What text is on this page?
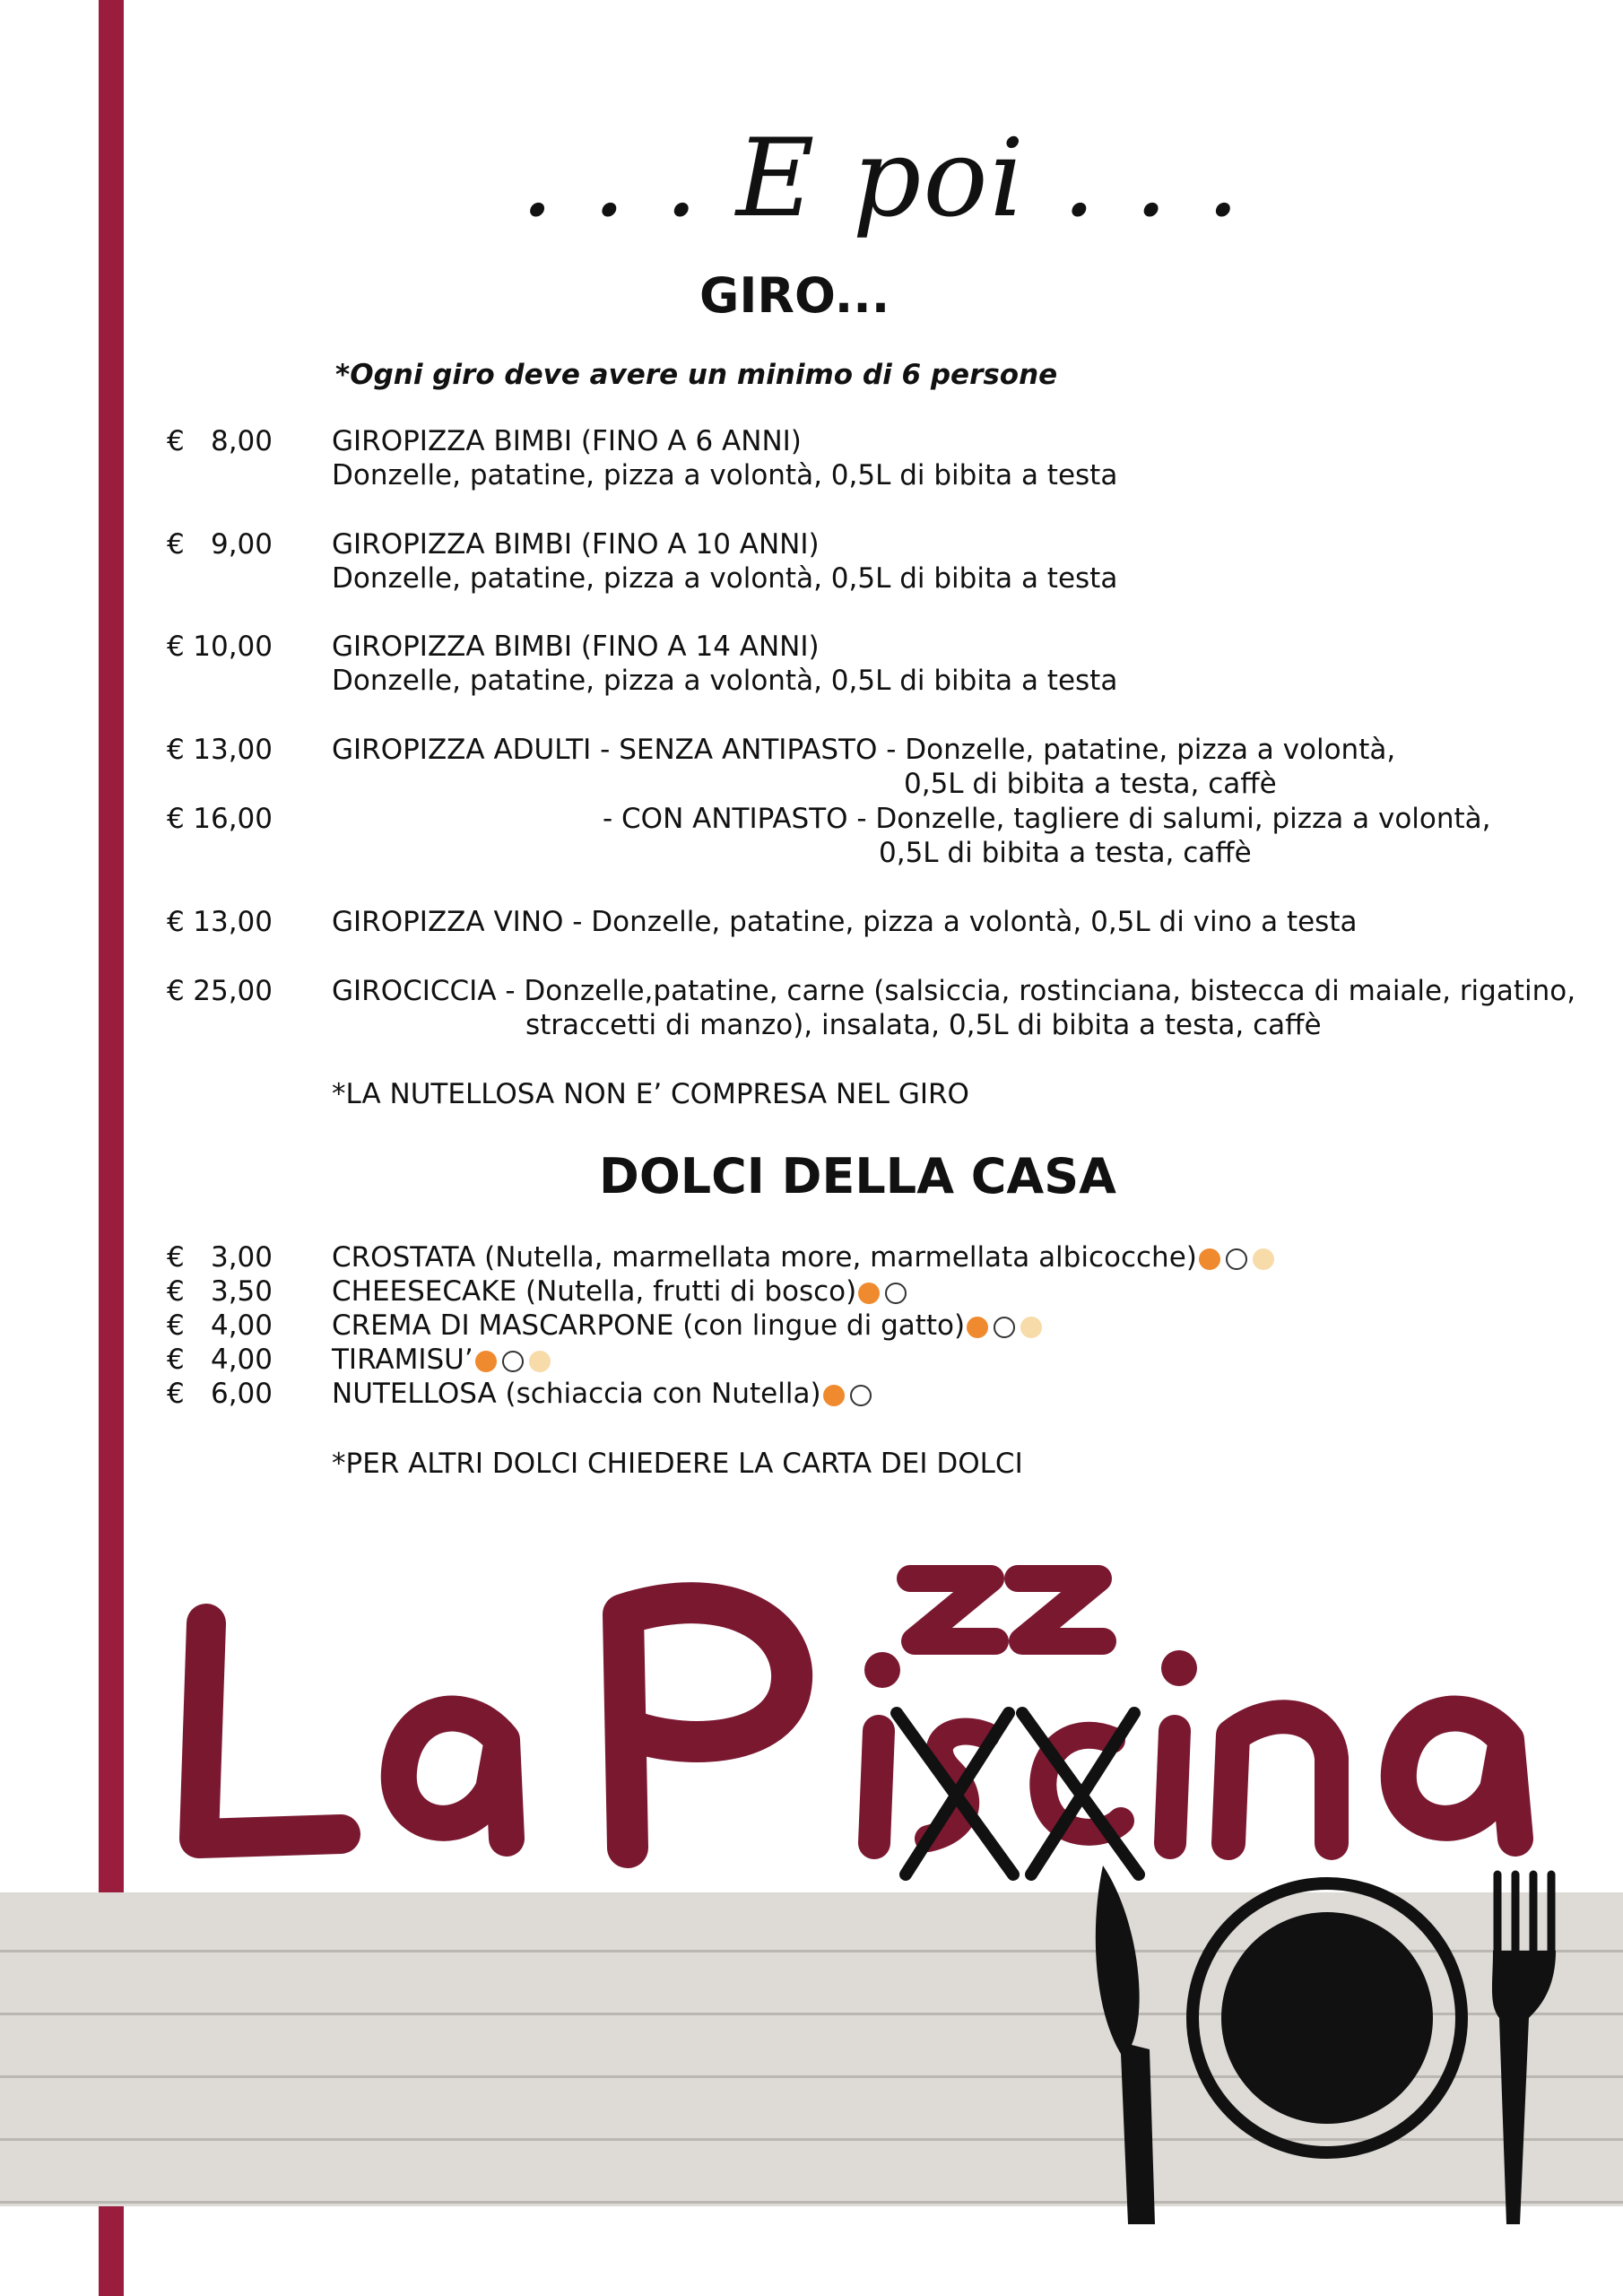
. . . E poi . . .
GIRO...
*Ogni giro deve avere un minimo di 6 persone
€ 8,00 GIROPIZZA BIMBI (FINO A 6 ANNI)
Donzelle, patatine, pizza a volontà, 0,5L di bibita a testa
€ 9,00 GIROPIZZA BIMBI (FINO A 10 ANNI)
Donzelle, patatine, pizza a volontà, 0,5L di bibita a testa
€ 10,00 GIROPIZZA BIMBI (FINO A 14 ANNI)
Donzelle, patatine, pizza a volontà, 0,5L di bibita a testa
€ 13,00 GIROPIZZA ADULTI - SENZA ANTIPASTO - Donzelle, patatine, pizza a volontà,
0,5L di bibita a testa, caffè
€ 16,00	- CON ANTIPASTO - Donzelle, tagliere di salumi, pizza a volontà,
0,5L di bibita a testa, caffè
€ 13,00 GIROPIZZA VINO - Donzelle, patatine, pizza a volontà, 0,5L di vino a testa
€ 25,00 GIROCICCIA - Donzelle,patatine, carne (salsiccia, rostinciana, bistecca di maiale, rigatino,
straccetti di manzo), insalata, 0,5L di bibita a testa, caffè
*LA NUTELLOSA NON E’ COMPRESA NEL GIRO
DOLCI DELLA CASA
€ 3,00 CROSTATA (Nutella, marmellata more, marmellata albicocche)
€ 3,50 CHEESECAKE (Nutella, frutti di bosco)
€ 4,00 CREMA DI MASCARPONE (con lingue di gatto)
€ 4,00 TIRAMISU’
€ 6,00 NUTELLOSA (schiaccia con Nutella)
*PER ALTRI DOLCI CHIEDERE LA CARTA DEI DOLCI
